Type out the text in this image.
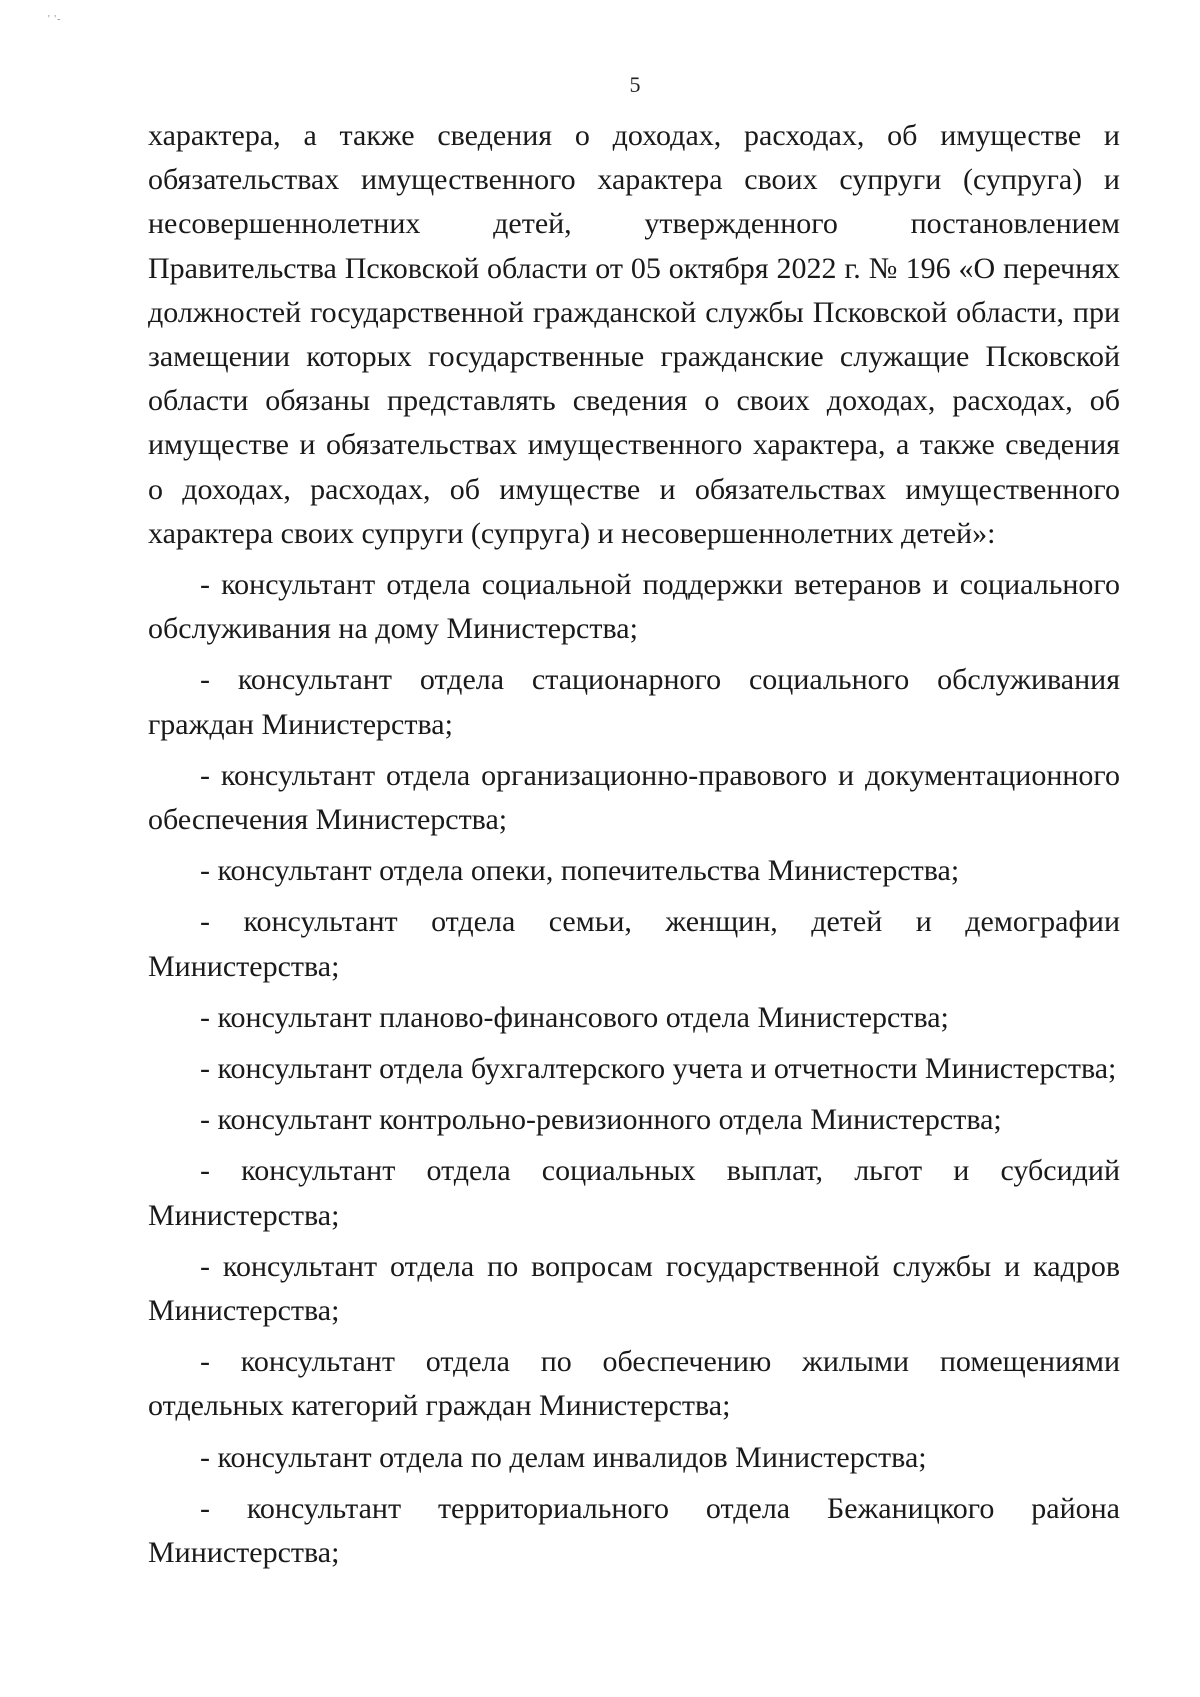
' '-
5

характера, а также сведения о доходах, расходах, об имуществе и обязательствах имущественного характера своих супруги (супруга) и несовершеннолетних детей, утвержденного постановлением Правительства Псковской области от 05 октября 2022 г. № 196 «О перечнях должностей государственной гражданской службы Псковской области, при замещении которых государственные гражданские служащие Псковской области обязаны представлять сведения о своих доходах, расходах, об имуществе и обязательствах имущественного характера, а также сведения о доходах, расходах, об имуществе и обязательствах имущественного характера своих супруги (супруга) и несовершеннолетних детей»:

- консультант отдела социальной поддержки ветеранов и социального обслуживания на дому Министерства;

- консультант отдела стационарного социального обслуживания граждан Министерства;

- консультант отдела организационно-правового и документационного обеспечения Министерства;

- консультант отдела опеки, попечительства Министерства;

- консультант отдела семьи, женщин, детей и демографии Министерства;

- консультант планово-финансового отдела Министерства;

- консультант отдела бухгалтерского учета и отчетности Министерства;

- консультант контрольно-ревизионного отдела Министерства;

- консультант отдела социальных выплат, льгот и субсидий Министерства;

- консультант отдела по вопросам государственной службы и кадров Министерства;

- консультант отдела по обеспечению жилыми помещениями отдельных категорий граждан Министерства;

- консультант отдела по делам инвалидов Министерства;

- консультант территориального отдела Бежаницкого района Министерства;
